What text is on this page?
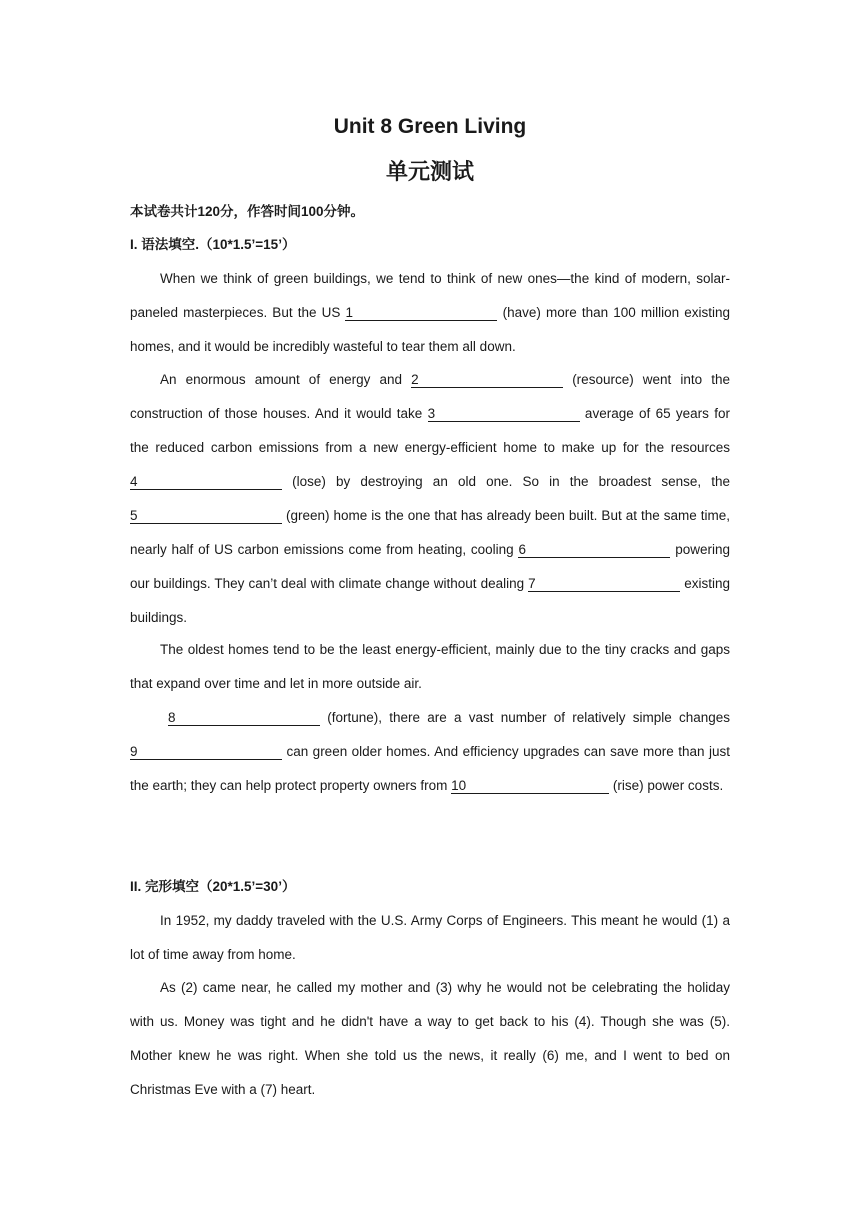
Unit 8 Green Living
单元测试
本试卷共计120分，作答时间100分钟。
I. 语法填空.（10*1.5’=15’）
When we think of green buildings, we tend to think of new ones—the kind of modern, solar-paneled masterpieces. But the US 1	(have) more than 100 million existing homes, and it would be incredibly wasteful to tear them all down.
An enormous amount of energy and 2	(resource) went into the construction of those houses. And it would take 3	average of 65 years for the reduced carbon emissions from a new energy-efficient home to make up for the resources 4	(lose) by destroying an old one. So in the broadest sense, the 5	(green) home is the one that has already been built. But at the same time, nearly half of US carbon emissions come from heating, cooling 6	powering our buildings. They can’t deal with climate change without dealing 7	existing buildings.
The oldest homes tend to be the least energy-efficient, mainly due to the tiny cracks and gaps that expand over time and let in more outside air.
8	(fortune), there are a vast number of relatively simple changes 9	can green older homes. And efficiency upgrades can save more than just the earth; they can help protect property owners from 10	(rise) power costs.
II. 完形填空（20*1.5’=30’）
In 1952, my daddy traveled with the U.S. Army Corps of Engineers. This meant he would (1) a lot of time away from home.
As (2) came near, he called my mother and (3) why he would not be celebrating the holiday with us. Money was tight and he didn't have a way to get back to his (4). Though she was (5). Mother knew he was right. When she told us the news, it really (6) me, and I went to bed on Christmas Eve with a (7) heart.
